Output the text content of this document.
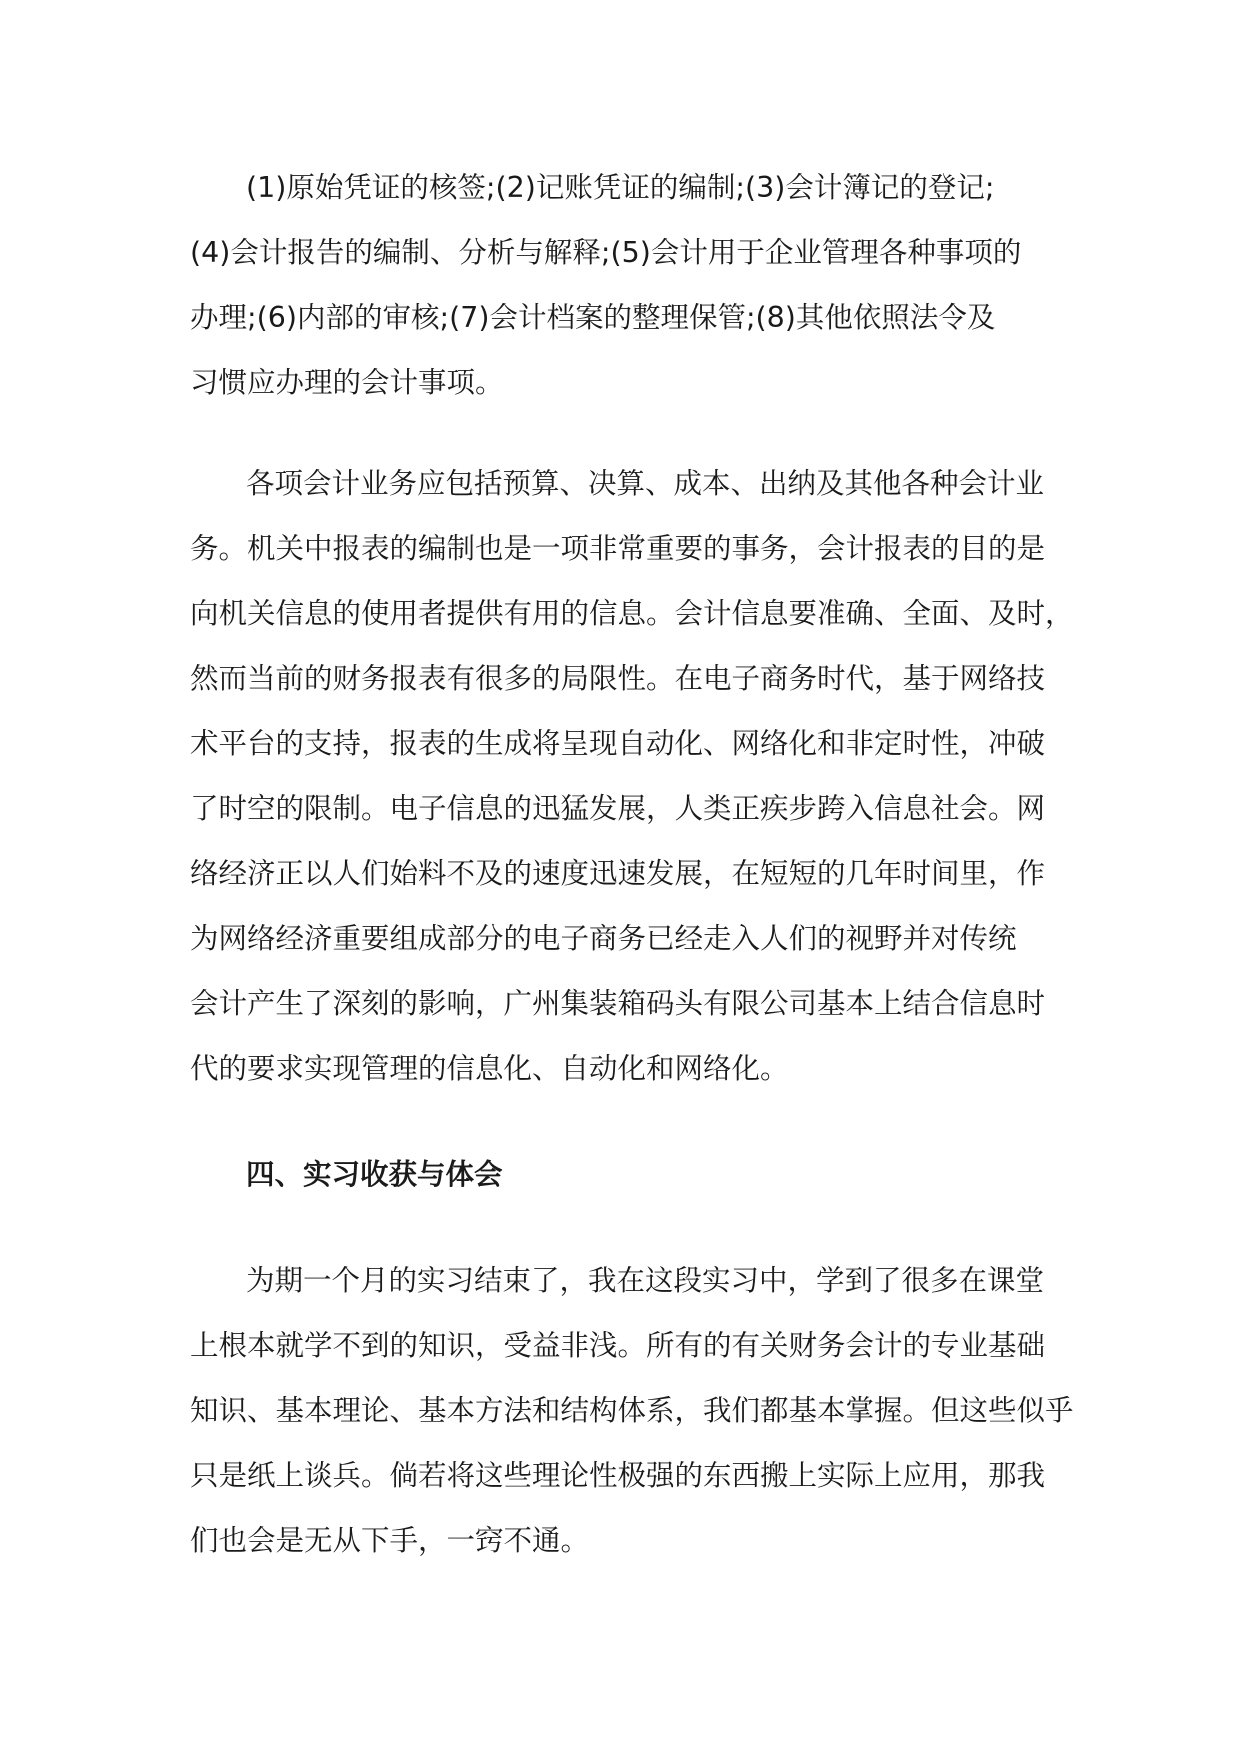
(1)原始凭证的核签;(2)记账凭证的编制;(3)会计簿记的登记;
(4)会计报告的编制、分析与解释;(5)会计用于企业管理各种事项的
办理;(6)内部的审核;(7)会计档案的整理保管;(8)其他依照法令及
习惯应办理的会计事项。
各项会计业务应包括预算、决算、成本、出纳及其他各种会计业
务。机关中报表的编制也是一项非常重要的事务，会计报表的目的是
向机关信息的使用者提供有用的信息。会计信息要准确、全面、及时，
然而当前的财务报表有很多的局限性。在电子商务时代，基于网络技
术平台的支持，报表的生成将呈现自动化、网络化和非定时性，冲破
了时空的限制。电子信息的迅猛发展，人类正疾步跨入信息社会。网
络经济正以人们始料不及的速度迅速发展，在短短的几年时间里，作
为网络经济重要组成部分的电子商务已经走入人们的视野并对传统
会计产生了深刻的影响，广州集装箱码头有限公司基本上结合信息时
代的要求实现管理的信息化、自动化和网络化。
四、实习收获与体会
为期一个月的实习结束了，我在这段实习中，学到了很多在课堂
上根本就学不到的知识，受益非浅。所有的有关财务会计的专业基础
知识、基本理论、基本方法和结构体系，我们都基本掌握。但这些似乎
只是纸上谈兵。倘若将这些理论性极强的东西搬上实际上应用，那我
们也会是无从下手，一窍不通。
